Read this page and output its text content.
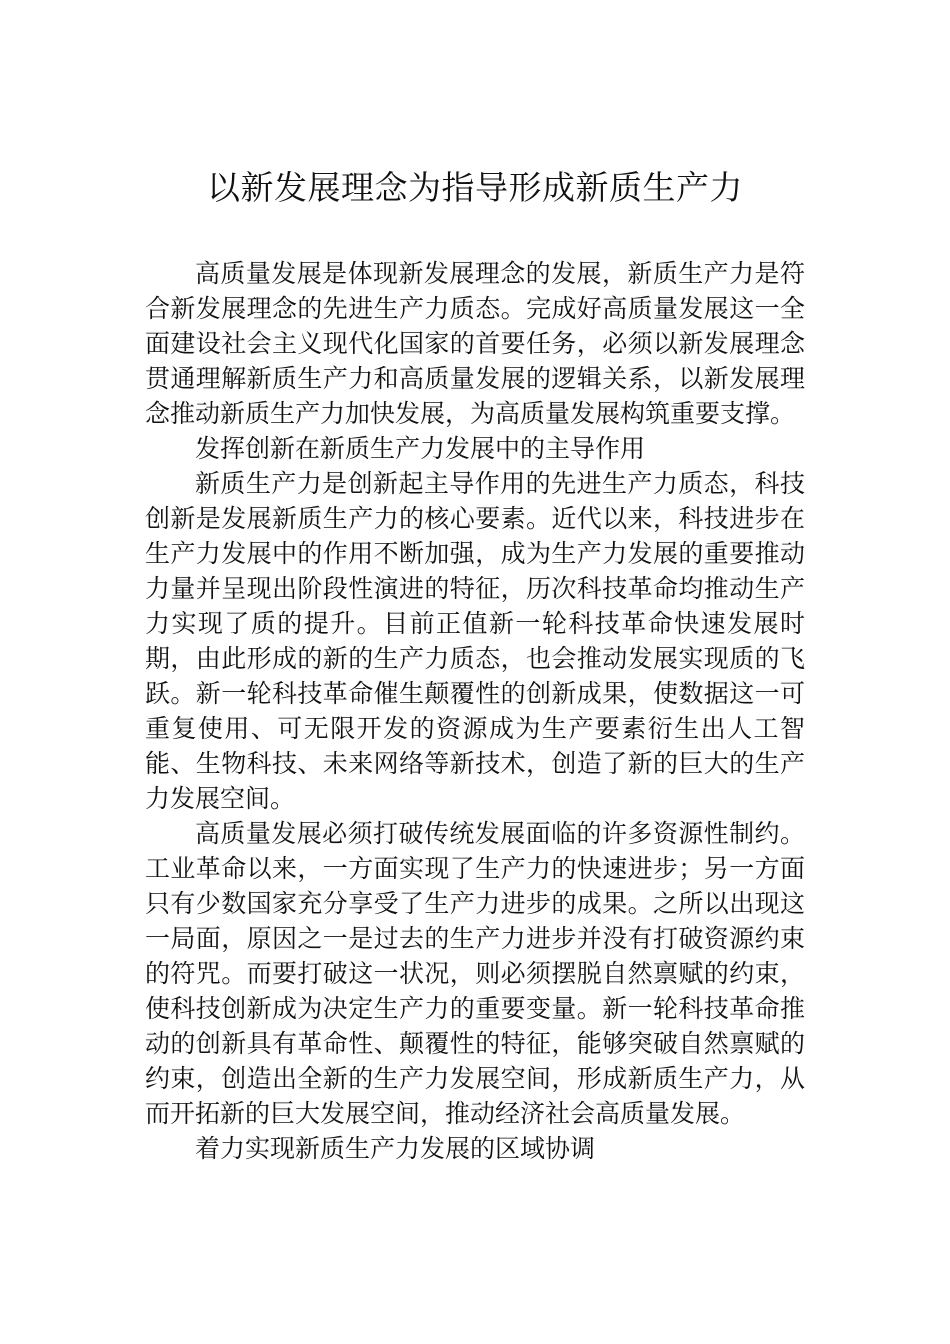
以新发展理念为指导形成新质生产力

高质量发展是体现新发展理念的发展，新质生产力是符合新发展理念的先进生产力质态。完成好高质量发展这一全面建设社会主义现代化国家的首要任务，必须以新发展理念贯通理解新质生产力和高质量发展的逻辑关系，以新发展理念推动新质生产力加快发展，为高质量发展构筑重要支撑。

发挥创新在新质生产力发展中的主导作用

新质生产力是创新起主导作用的先进生产力质态，科技创新是发展新质生产力的核心要素。近代以来，科技进步在生产力发展中的作用不断加强，成为生产力发展的重要推动力量并呈现出阶段性演进的特征，历次科技革命均推动生产力实现了质的提升。目前正值新一轮科技革命快速发展时期，由此形成的新的生产力质态，也会推动发展实现质的飞跃。新一轮科技革命催生颠覆性的创新成果，使数据这一可重复使用、可无限开发的资源成为生产要素衍生出人工智能、生物科技、未来网络等新技术，创造了新的巨大的生产力发展空间。

高质量发展必须打破传统发展面临的许多资源性制约。工业革命以来，一方面实现了生产力的快速进步；另一方面只有少数国家充分享受了生产力进步的成果。之所以出现这一局面，原因之一是过去的生产力进步并没有打破资源约束的符咒。而要打破这一状况，则必须摆脱自然禀赋的约束，使科技创新成为决定生产力的重要变量。新一轮科技革命推动的创新具有革命性、颠覆性的特征，能够突破自然禀赋的约束，创造出全新的生产力发展空间，形成新质生产力，从而开拓新的巨大发展空间，推动经济社会高质量发展。

着力实现新质生产力发展的区域协调
